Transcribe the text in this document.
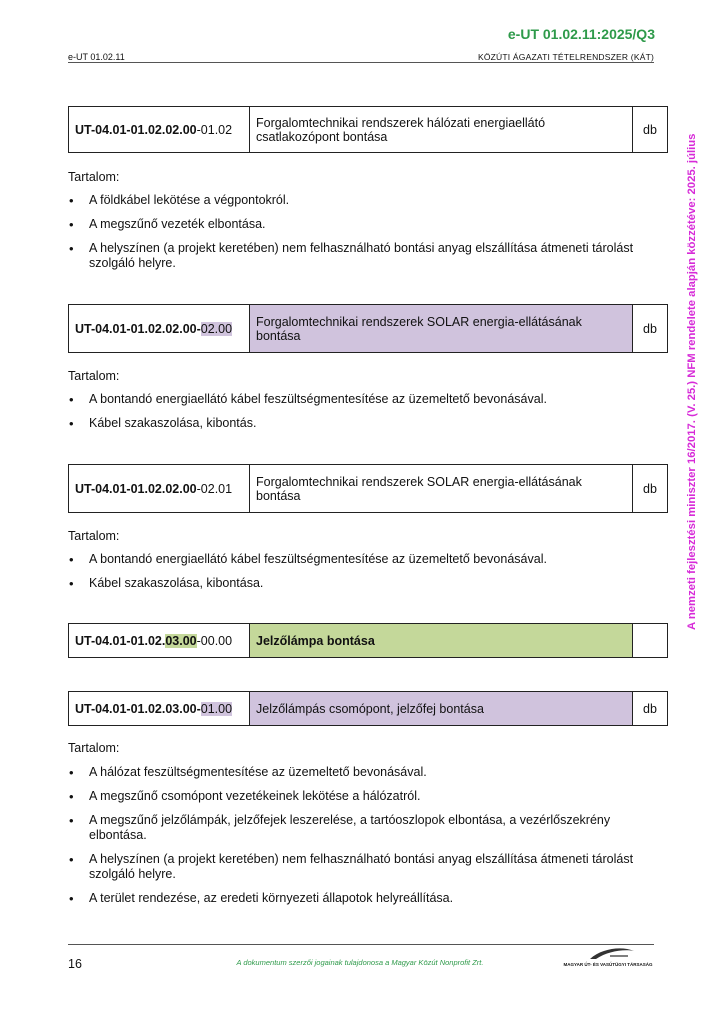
e-UT 01.02.11:2025/Q3
e-UT 01.02.11	KÖZÚTI ÁGAZATI TÉTELRENDSZER (KÁT)
A nemzeti fejlesztési miniszter 16/2017. (V. 25.) NFM rendelete alapján közzétéve: 2025. július
UT-04.01-01.02.02.00-01.02	Forgalomtechnikai rendszerek hálózati energiaellátó csatlakozópont bontása	db
Tartalom:
• A földkábel lekötése a végpontokról.
• A megszűnő vezeték elbontása.
• A helyszínen (a projekt keretében) nem felhasználható bontási anyag elszállítása átmeneti tárolást szolgáló helyre.
UT-04.01-01.02.02.00-02.00	Forgalomtechnikai rendszerek SOLAR energia-ellátásának bontása	db
Tartalom:
• A bontandó energiaellátó kábel feszültségmentesítése az üzemeltető bevonásával.
• Kábel szakaszolása, kibontás.
UT-04.01-01.02.02.00-02.01	Forgalomtechnikai rendszerek SOLAR energia-ellátásának bontása	db
Tartalom:
• A bontandó energiaellátó kábel feszültségmentesítése az üzemeltető bevonásával.
• Kábel szakaszolása, kibontása.
UT-04.01-01.02.03.00-00.00	Jelzőlámpa bontása	
UT-04.01-01.02.03.00-01.00	Jelzőlámpás csomópont, jelzőfej bontása	db
Tartalom:
• A hálózat feszültségmentesítése az üzemeltető bevonásával.
• A megszűnő csomópont vezetékeinek lekötése a hálózatról.
• A megszűnő jelzőlámpák, jelzőfejek leszerelése, a tartóoszlopok elbontása, a vezérlőszekrény elbontása.
• A helyszínen (a projekt keretében) nem felhasználható bontási anyag elszállítása átmeneti tárolást szolgáló helyre.
• A terület rendezése, az eredeti környezeti állapotok helyreállítása.
16	A dokumentum szerzői jogainak tulajdonosa a Magyar Közút Nonprofit Zrt.	MAGYAR ÚT- ÉS VASÚTÜGYI TÁRSASÁG
